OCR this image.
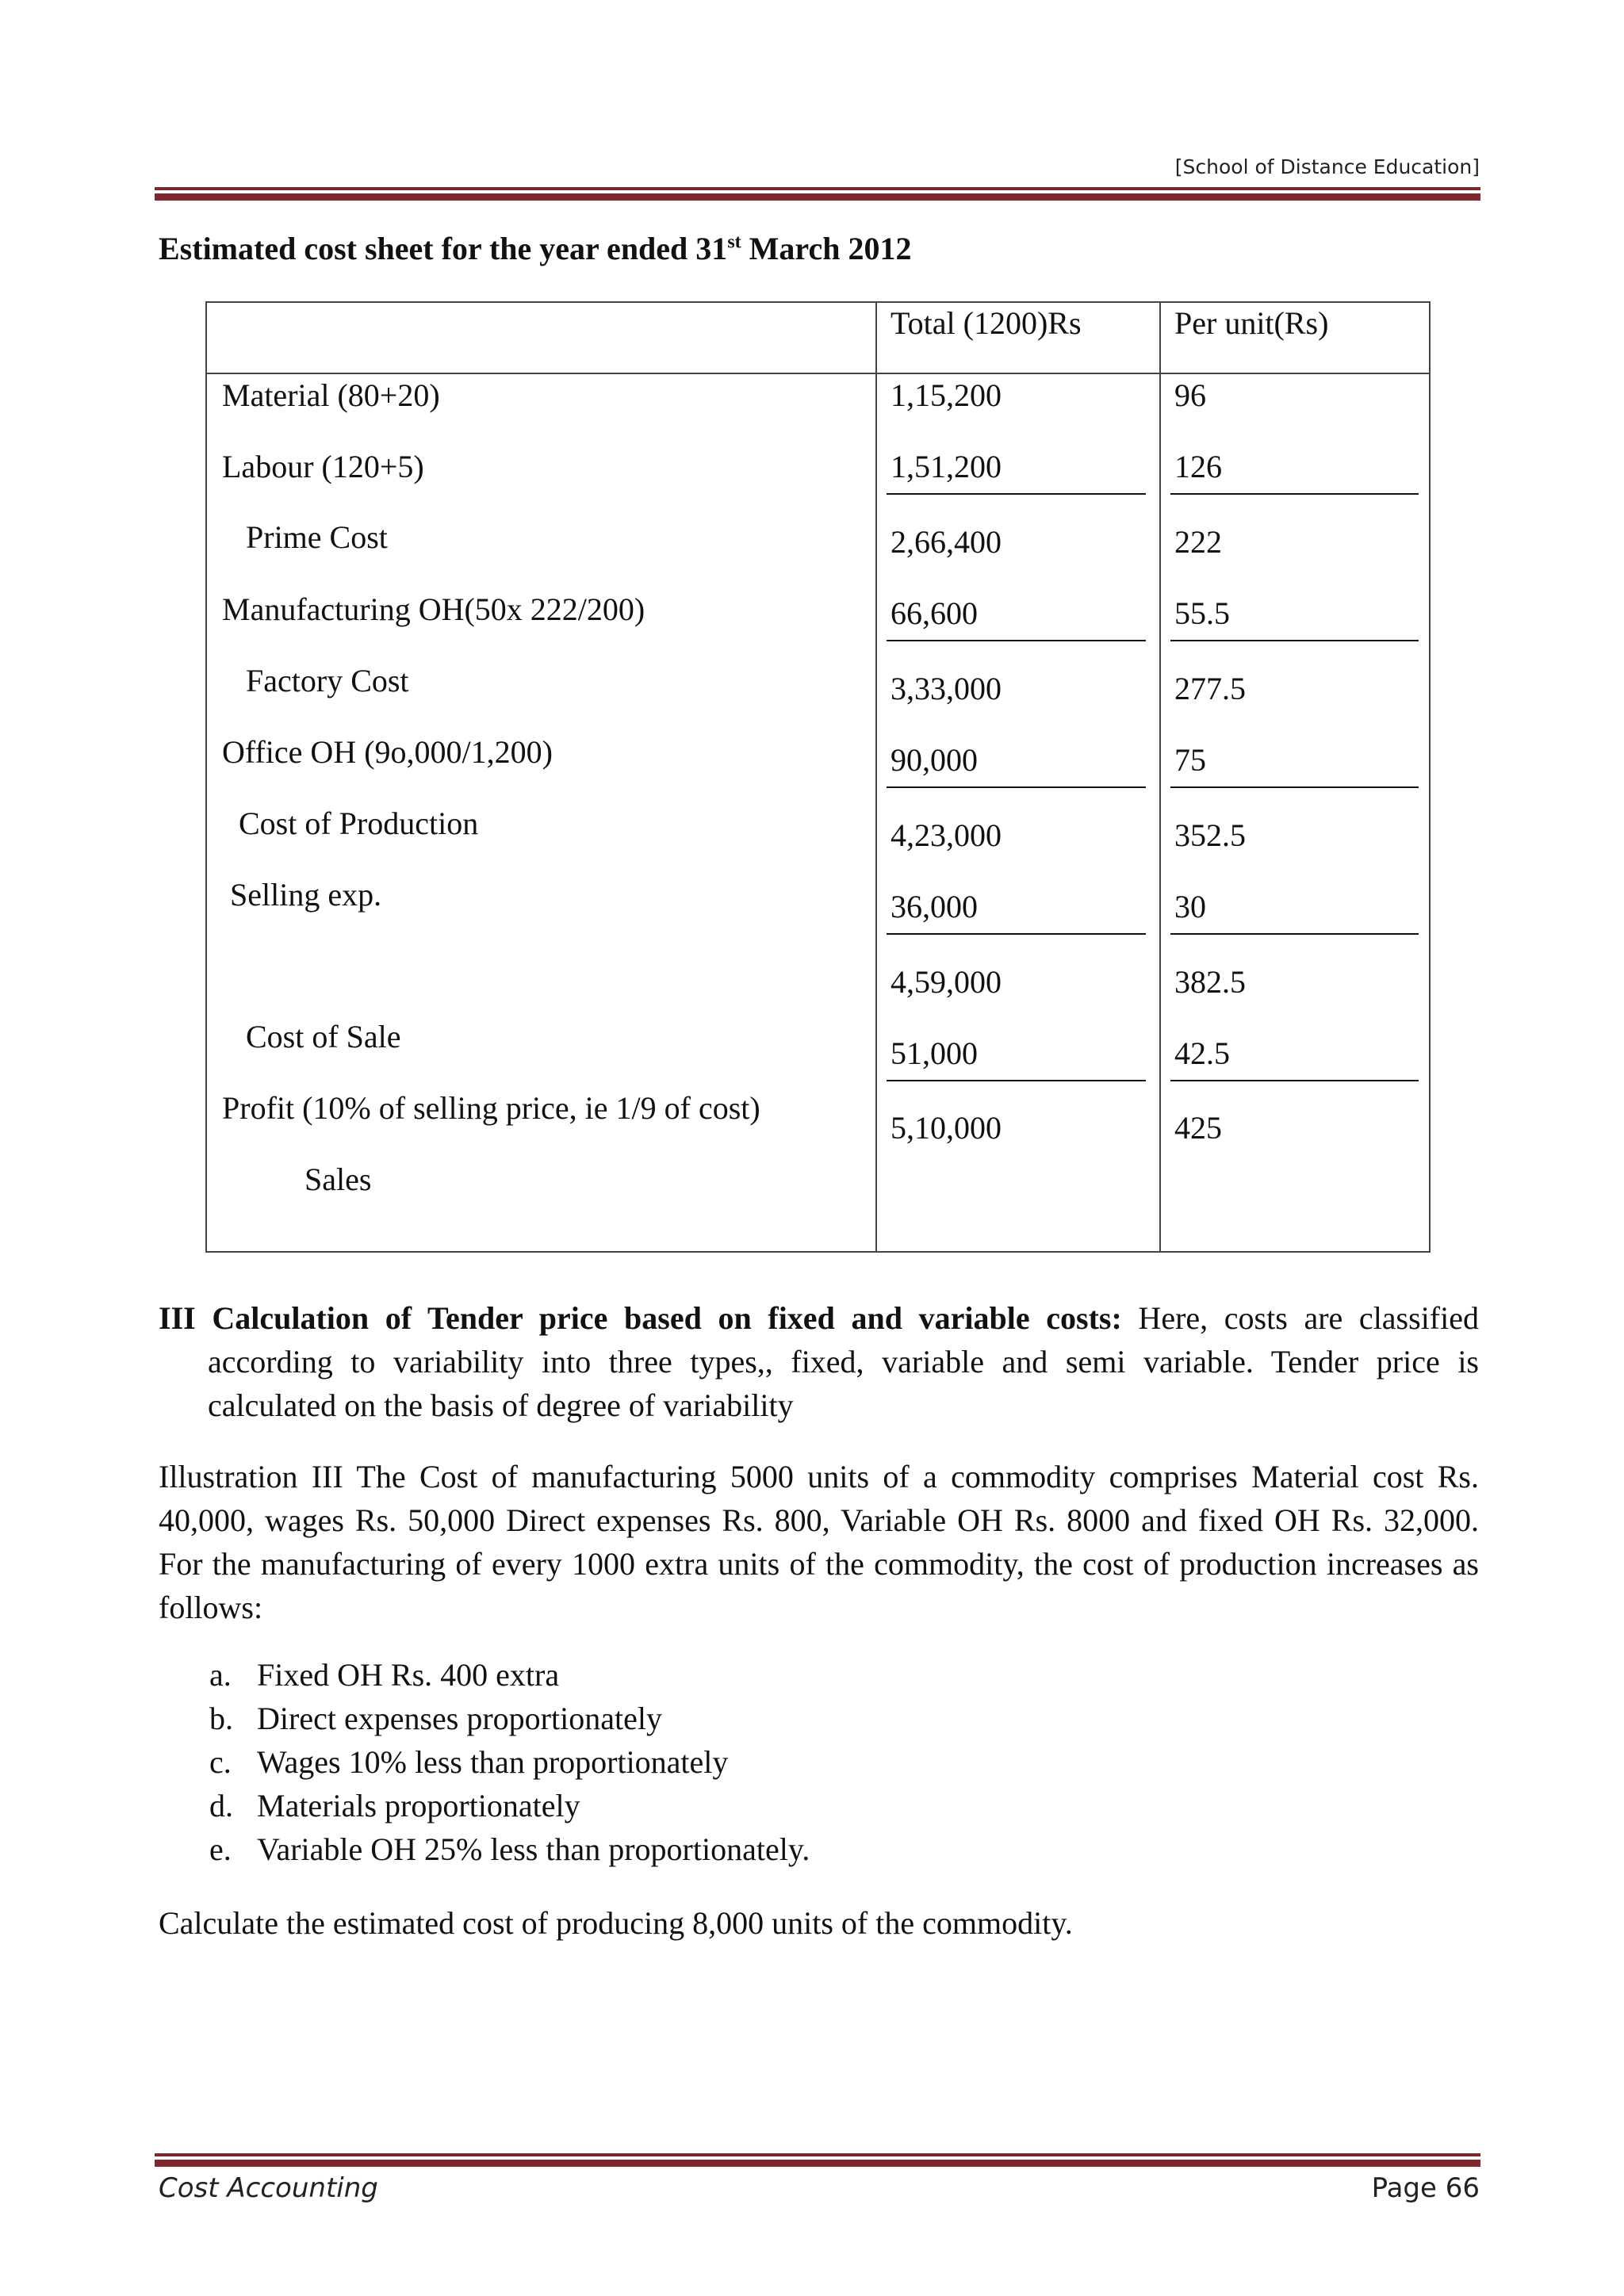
[School of Distance Education]
Estimated cost sheet for the year ended 31st March 2012
Total (1200)Rs	Per unit(Rs)
Material (80+20)
Labour (120+5)
Prime Cost
Manufacturing OH(50x 222/200)
Factory Cost
Office OH (9o,000/1,200)
Cost of Production
Selling exp.
Cost of Sale
Profit (10% of selling price, ie 1/9 of cost)
Sales
1,15,200
1,51,200
2,66,400
66,600
3,33,000
90,000
4,23,000
36,000
4,59,000
51,000
5,10,000
96
126
222
55.5
277.5
75
352.5
30
382.5
42.5
425
III Calculation of Tender price based on fixed and variable costs: Here, costs are classified according to variability into three types,, fixed, variable and semi variable. Tender price is calculated on the basis of degree of variability
Illustration III The Cost of manufacturing 5000 units of a commodity comprises Material cost Rs. 40,000, wages Rs. 50,000 Direct expenses Rs. 800, Variable OH Rs. 8000 and fixed OH Rs. 32,000. For the manufacturing of every 1000 extra units of the commodity, the cost of production increases as follows:
a. Fixed OH Rs. 400 extra
b. Direct expenses proportionately
c. Wages 10% less than proportionately
d. Materials proportionately
e. Variable OH 25% less than proportionately.
Calculate the estimated cost of producing 8,000 units of the commodity.
Cost Accounting	Page 66
